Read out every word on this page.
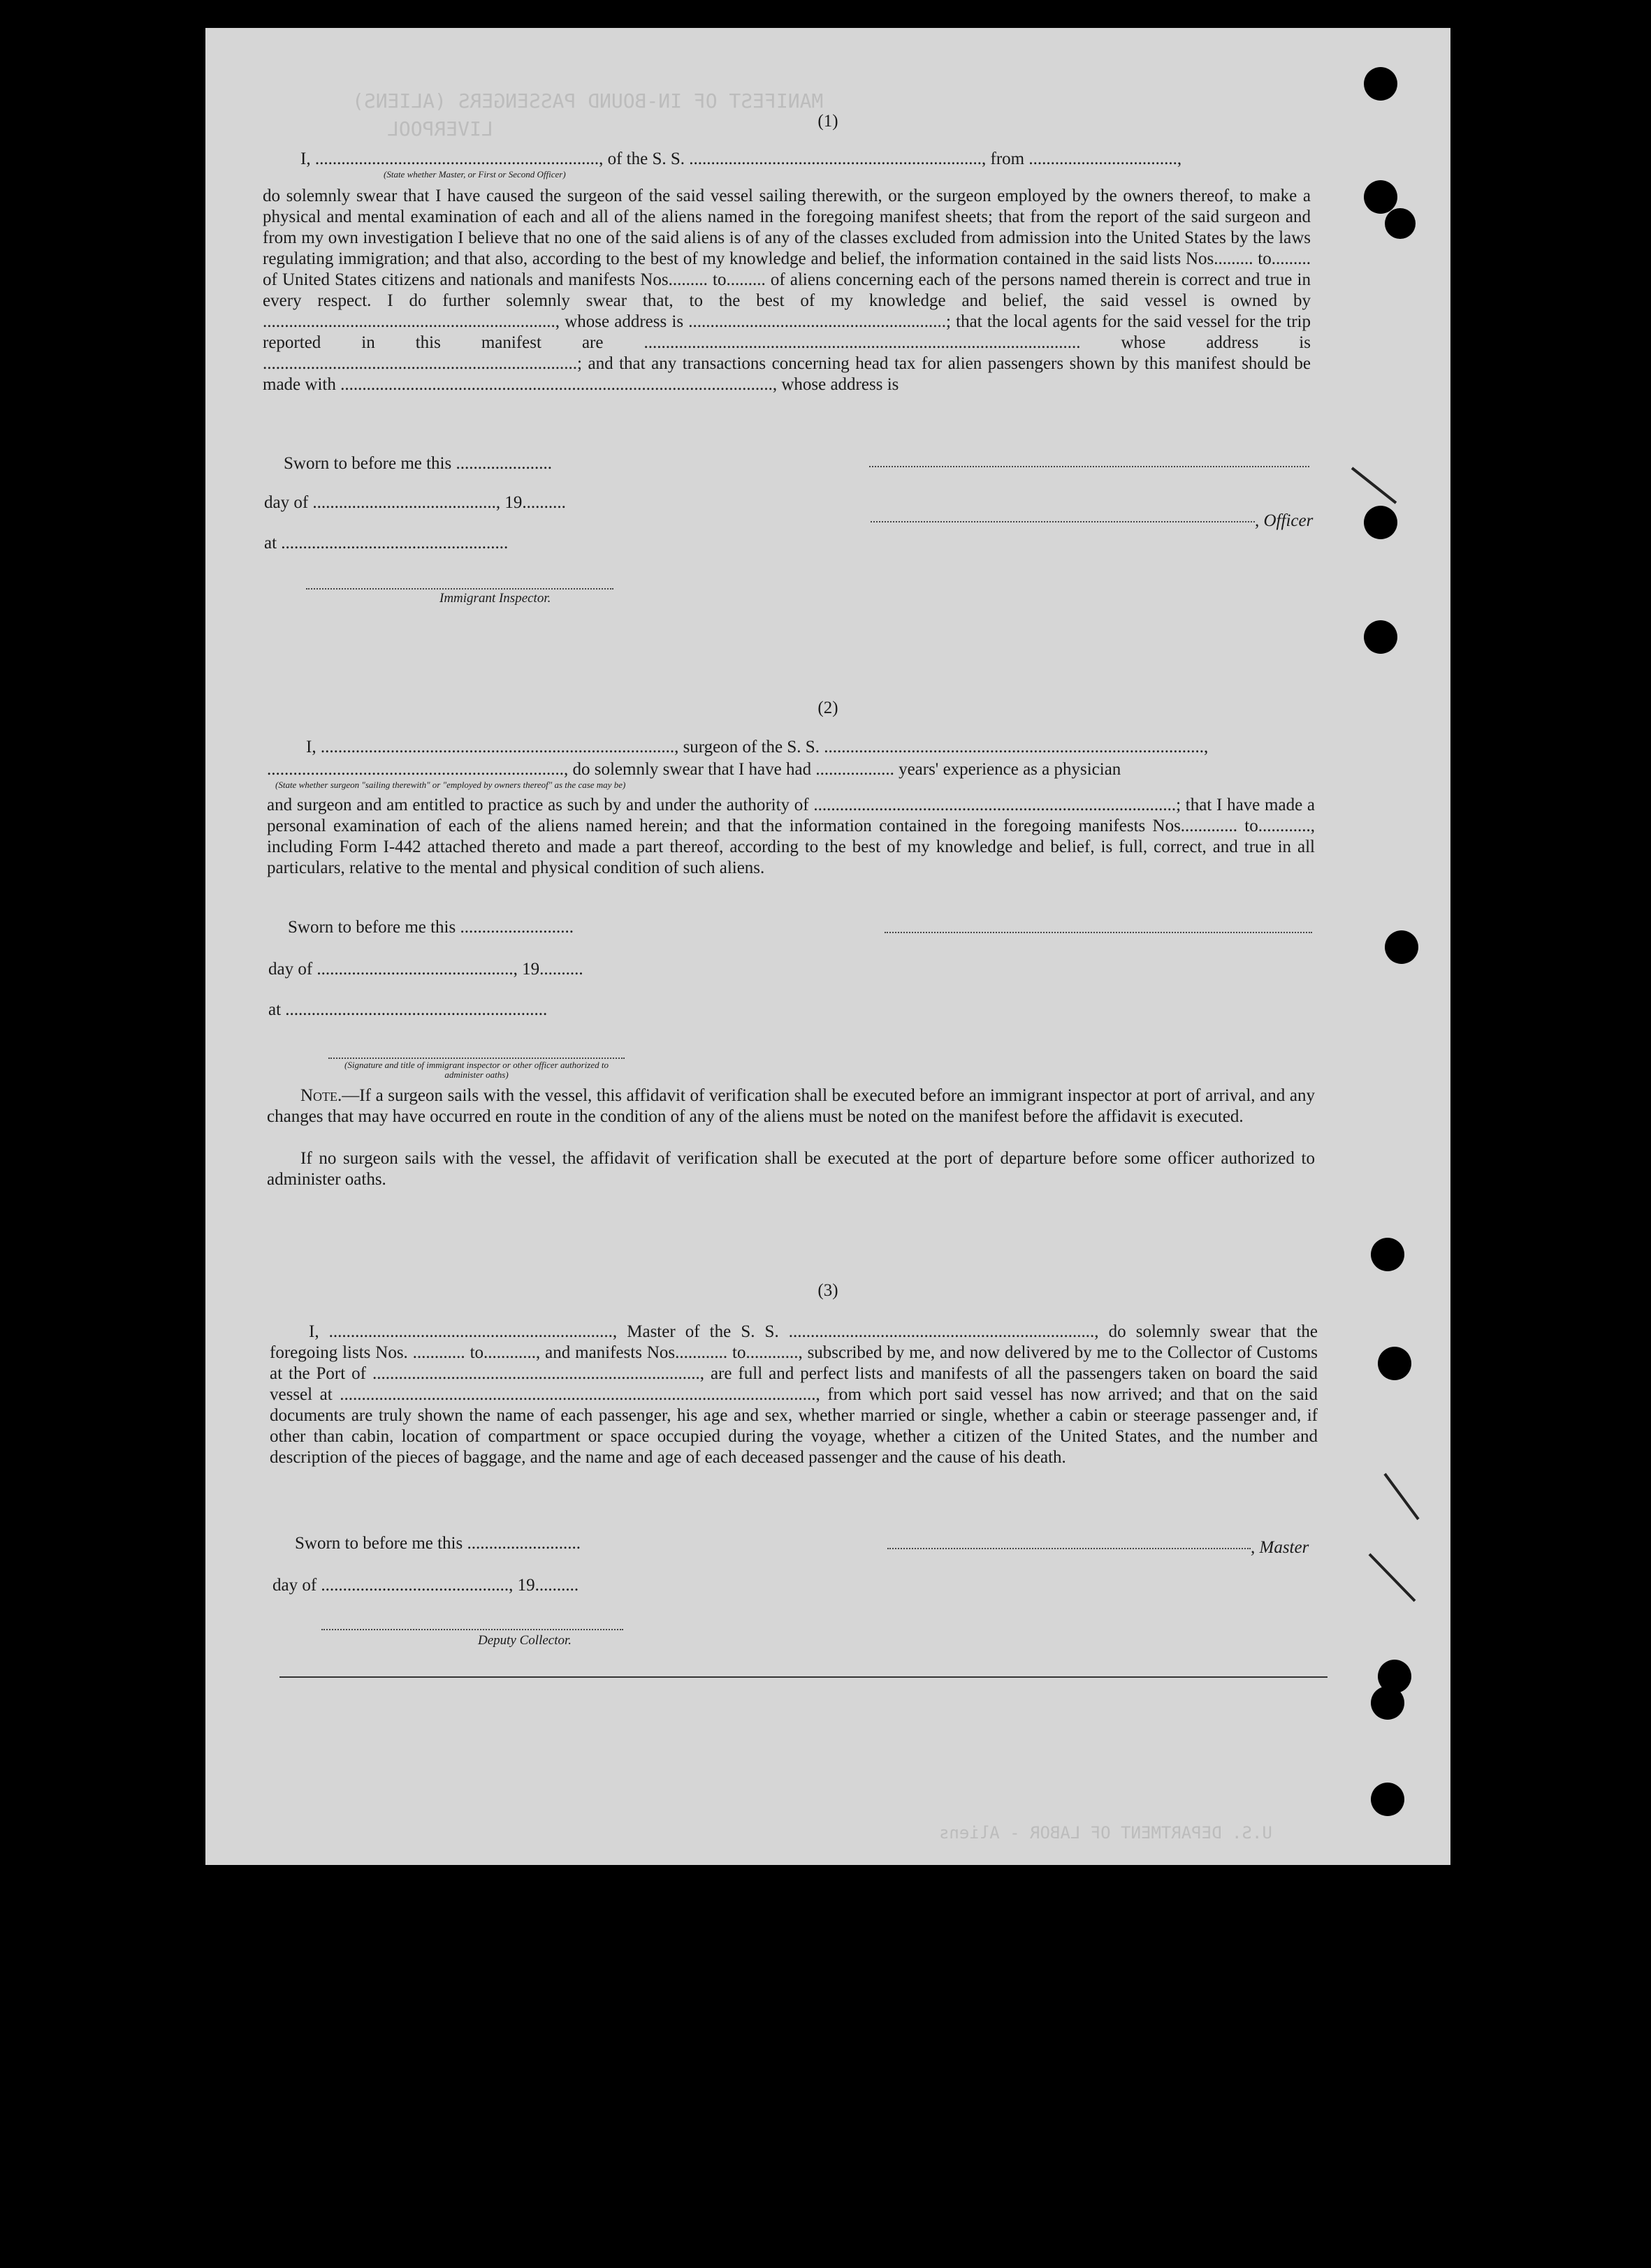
MANIFEST OF IN-BOUND PASSENGERS (ALIENS)
LIVERPOOL
U.S. DEPARTMENT OF LABOR - Aliens
(1)
I, ................................................................., of the S. S. ..................................................................., from ..................................,
(State whether Master, or First or Second Officer)
do solemnly swear that I have caused the surgeon of the said vessel sailing therewith, or the surgeon employed by the owners thereof, to make a physical and mental examination of each and all of the aliens named in the foregoing manifest sheets; that from the report of the said surgeon and from my own investigation I believe that no one of the said aliens is of any of the classes excluded from admission into the United States by the laws regulating immigration; and that also, according to the best of my knowledge and belief, the information contained in the said lists Nos......... to......... of United States citizens and nationals and manifests Nos......... to......... of aliens concerning each of the persons named therein is correct and true in every respect. I do further solemnly swear that, to the best of my knowledge and belief, the said vessel is owned by ..................................................................., whose address is ...........................................................; that the local agents for the said vessel for the trip reported in this manifest are .................................................................................................... whose address is ........................................................................; and that any transactions concerning head tax for alien passengers shown by this manifest should be made with ..................................................................................................., whose address is
Sworn to before me this ......................
day of .........................................., 19..........
, Officer
at ....................................................
Immigrant Inspector.
(2)
I, ................................................................................., surgeon of the S. S. .......................................................................................,
...................................................................., do solemnly swear that I have had .................. years' experience as a physician
(State whether surgeon "sailing therewith" or "employed by owners thereof" as the case may be)
and surgeon and am entitled to practice as such by and under the authority of ...................................................................................; that I have made a personal examination of each of the aliens named herein; and that the information contained in the foregoing manifests Nos............. to............, including Form I-442 attached thereto and made a part thereof, according to the best of my knowledge and belief, is full, correct, and true in all particulars, relative to the mental and physical condition of such aliens.
Sworn to before me this ..........................
day of ............................................., 19..........
at ............................................................
(Signature and title of immigrant inspector or other officer authorized to administer oaths)
Note.—If a surgeon sails with the vessel, this affidavit of verification shall be executed before an immigrant inspector at port of arrival, and any changes that may have occurred en route in the condition of any of the aliens must be noted on the manifest before the affidavit is executed.
If no surgeon sails with the vessel, the affidavit of verification shall be executed at the port of departure before some officer authorized to administer oaths.
(3)
I, ................................................................., Master of the S. S. ......................................................................, do solemnly swear that the foregoing lists Nos. ............ to............, and manifests Nos............ to............, subscribed by me, and now delivered by me to the Collector of Customs at the Port of ..........................................................................., are full and perfect lists and manifests of all the passengers taken on board the said vessel at ............................................................................................................., from which port said vessel has now arrived; and that on the said documents are truly shown the name of each passenger, his age and sex, whether married or single, whether a cabin or steerage passenger and, if other than cabin, location of compartment or space occupied during the voyage, whether a citizen of the United States, and the number and description of the pieces of baggage, and the name and age of each deceased passenger and the cause of his death.
Sworn to before me this ..........................	, Master
day of ..........................................., 19..........
Deputy Collector.
